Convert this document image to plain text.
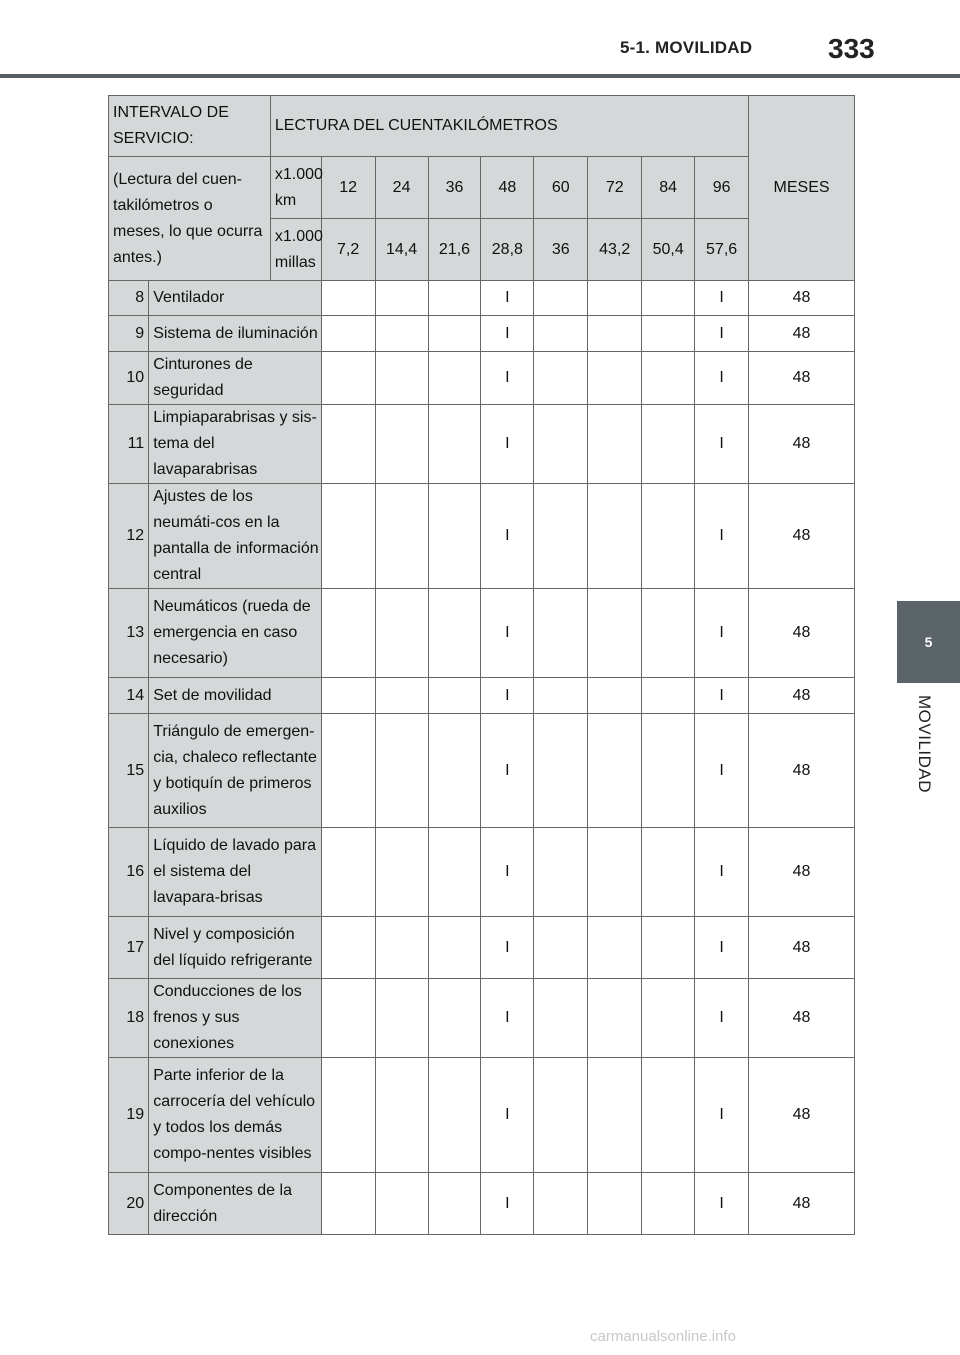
5-1. MOVILIDAD	333
5
MOVILIDAD
INTERVALO DE SERVICIO:		LECTURA DEL CUENTAKILÓMETROS									MESES
(Lectura del cuen-takilómetros o meses, lo que ocurra antes.)		x1.000 km	12	24	36	48	60	72	84	96	
		x1.000 millas	7,2	14,4	21,6	28,8	36	43,2	50,4	57,6	
8	Ventilador					I				I	48
9	Sistema de iluminación					I				I	48
10	Cinturones de seguridad					I				I	48
11	Limpiaparabrisas y sis-tema del lavaparabrisas					I				I	48
12	Ajustes de los neumáti-cos en la pantalla de información central					I				I	48
13	Neumáticos (rueda de emergencia en caso necesario)					I				I	48
14	Set de movilidad					I				I	48
15	Triángulo de emergen-cia, chaleco reflectante y botiquín de primeros auxilios					I				I	48
16	Líquido de lavado para el sistema del lavapara-brisas					I				I	48
17	Nivel y composición del líquido refrigerante					I				I	48
18	Conducciones de los frenos y sus conexiones					I				I	48
19	Parte inferior de la carrocería del vehículo y todos los demás compo-nentes visibles					I				I	48
20	Componentes de la dirección					I				I	48
carmanualsonline.info
